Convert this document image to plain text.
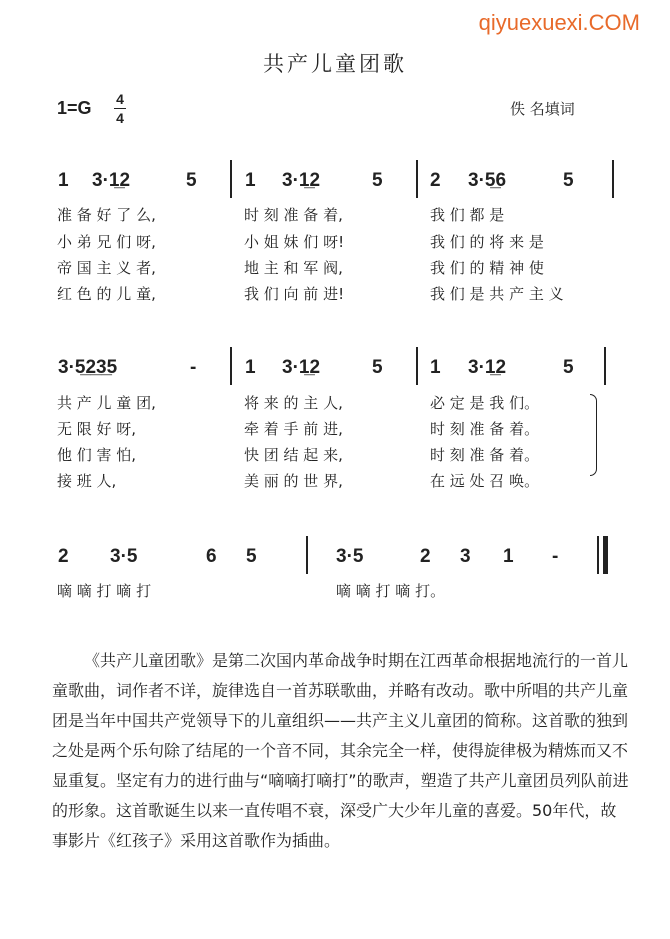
qiyuexuexi.COM
共产儿童团歌
1=G 4
4	佚 名填词
1 3·1̲2	5	1 3·1̲2	5 2 3·5̲6	5
准 备 好 了 么,	时 刻 准 备 着,	我 们 都 是
小 弟 兄 们 呀,	小 姐 妹 们 呀!	我 们 的 将 来 是
帝 国 主 义 者,	地 主 和 军 阀,	我 们 的 精 神 使
红 色 的 儿 童,	我 们 向 前 进!	我 们 是 共 产 主 义
3·5̲2̲3̲5	-	1 3·1̲2	5 1 3·1̲2	5
共 产 儿 童 团,	将 来 的 主 人,	必 定 是 我 们。
无 限 好 呀,	牵 着 手 前 进,	时 刻 准 备 着。
他 们 害 怕,	快 团 结 起 来,	时 刻 准 备 着。
接 班 人,	美 丽 的 世 界,	在 远 处 召 唤。
2 3·5	6 5	3·5	2 3 1 -
嘀 嘀 打 嘀 打	嘀 嘀 打 嘀 打。
《共产儿童团歌》是第二次国内革命战争时期在江西革命根据地流行的一首儿童歌曲，词作者不详，旋律选自一首苏联歌曲，并略有改动。歌中所唱的共产儿童团是当年中国共产党领导下的儿童组织——共产主义儿童团的简称。这首歌的独到之处是两个乐句除了结尾的一个音不同，其余完全一样，使得旋律极为精炼而又不显重复。坚定有力的进行曲与“嘀嘀打嘀打”的歌声，塑造了共产儿童团员列队前进的形象。这首歌诞生以来一直传唱不衰，深受广大少年儿童的喜爱。50年代，故事影片《红孩子》采用这首歌作为插曲。
